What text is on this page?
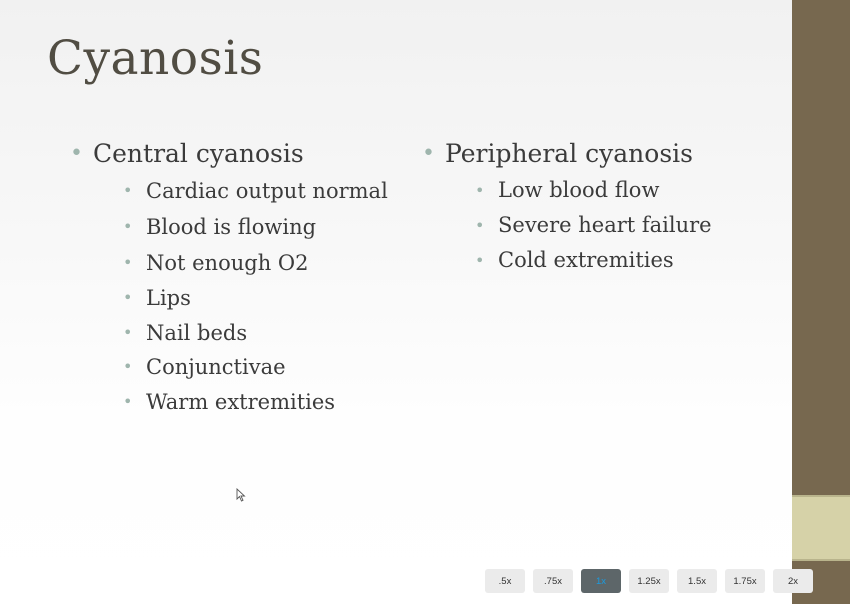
Cyanosis
• Central cyanosis
• Cardiac output normal
• Blood is flowing
• Not enough O2
• Lips
• Nail beds
• Conjunctivae
• Warm extremities
• Peripheral cyanosis
• Low blood flow
• Severe heart failure
• Cold extremities
.5x	.75x	1x	1.25x	1.5x	1.75x	2x
